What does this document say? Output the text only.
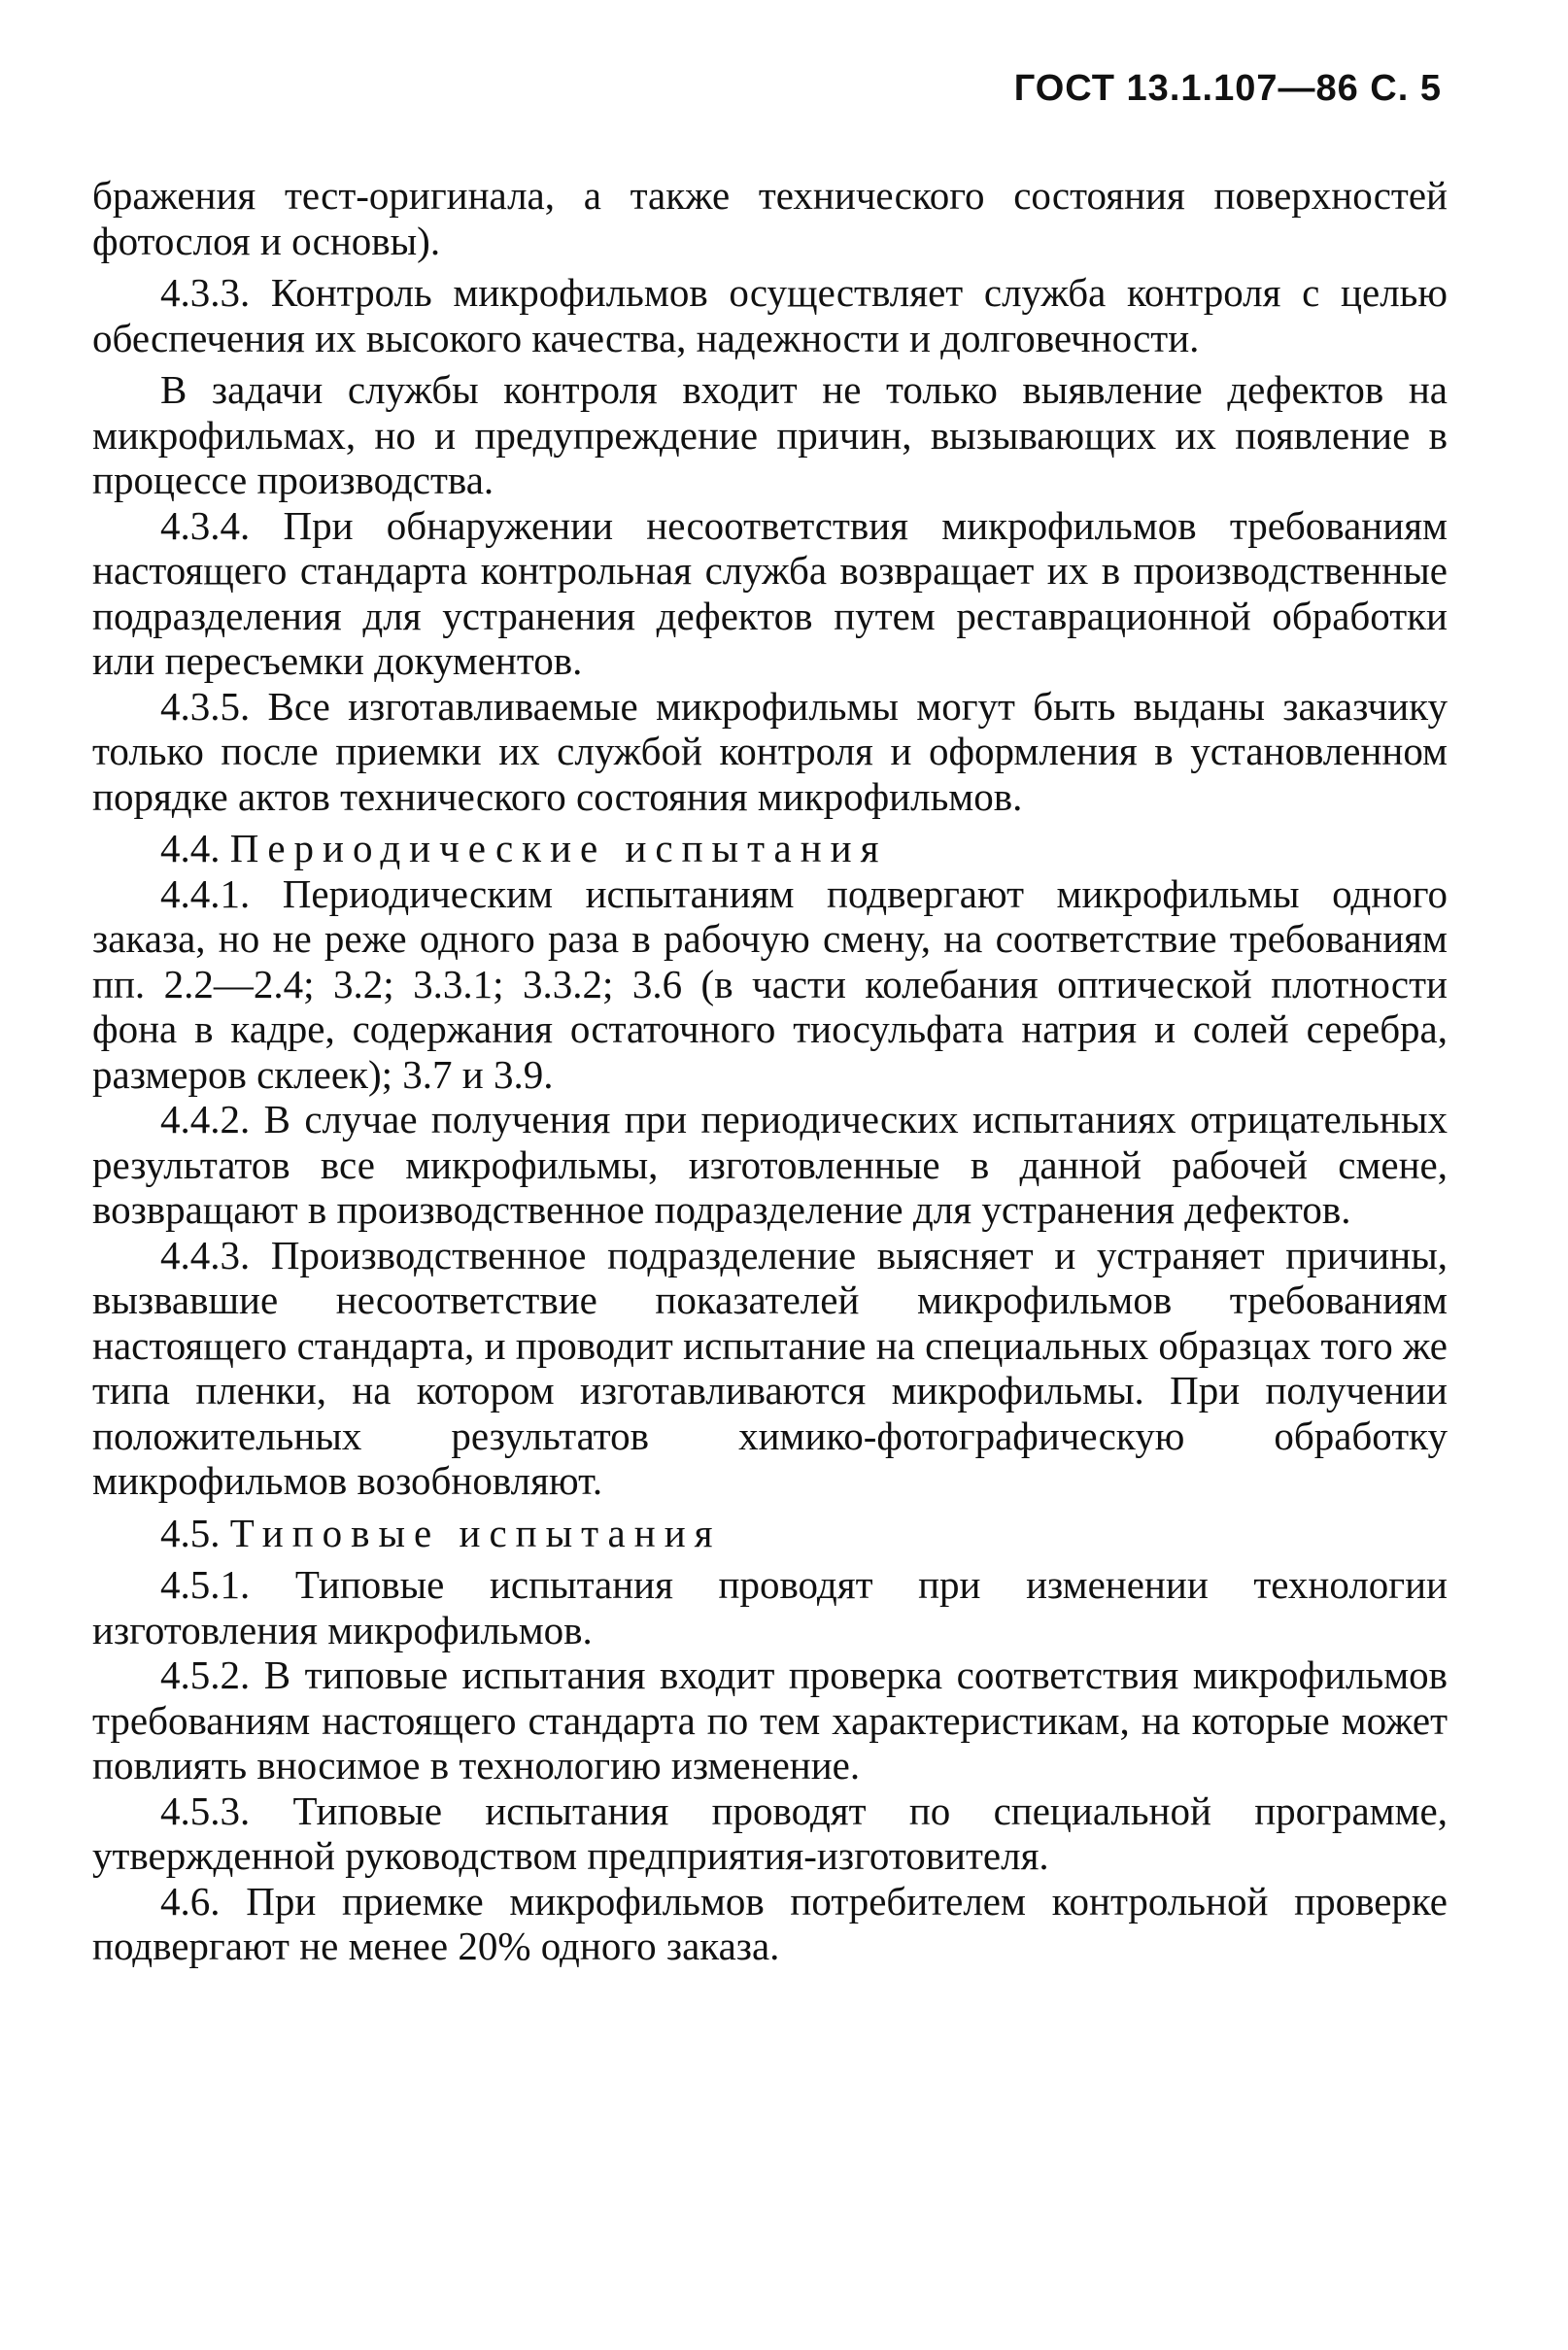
ГОСТ 13.1.107—86 С. 5

бражения тест-оригинала, а также технического состояния поверхностей фотослоя и основы).

4.3.3. Контроль микрофильмов осуществляет служба контроля с целью обеспечения их высокого качества, надежности и долговечности.

В задачи службы контроля входит не только выявление дефектов на микрофильмах, но и предупреждение причин, вызывающих их появление в процессе производства.

4.3.4. При обнаружении несоответствия микрофильмов требованиям настоящего стандарта контрольная служба возвращает их в производственные подразделения для устранения дефектов путем реставрационной обработки или пересъемки документов.

4.3.5. Все изготавливаемые микрофильмы могут быть выданы заказчику только после приемки их службой контроля и оформления в установленном порядке актов технического состояния микрофильмов.

4.4. Периодические испытания

4.4.1. Периодическим испытаниям подвергают микрофильмы одного заказа, но не реже одного раза в рабочую смену, на соответствие требованиям пп. 2.2—2.4; 3.2; 3.3.1; 3.3.2; 3.6 (в части колебания оптической плотности фона в кадре, содержания остаточного тиосульфата натрия и солей серебра, размеров склеек); 3.7 и 3.9.

4.4.2. В случае получения при периодических испытаниях отрицательных результатов все микрофильмы, изготовленные в данной рабочей смене, возвращают в производственное подразделение для устранения дефектов.

4.4.3. Производственное подразделение выясняет и устраняет причины, вызвавшие несоответствие показателей микрофильмов требованиям настоящего стандарта, и проводит испытание на специальных образцах того же типа пленки, на котором изготавливаются микрофильмы. При получении положительных результатов химико-фотографическую обработку микрофильмов возобновляют.

4.5. Типовые испытания

4.5.1. Типовые испытания проводят при изменении технологии изготовления микрофильмов.

4.5.2. В типовые испытания входит проверка соответствия микрофильмов требованиям настоящего стандарта по тем характеристикам, на которые может повлиять вносимое в технологию изменение.

4.5.3. Типовые испытания проводят по специальной программе, утвержденной руководством предприятия-изготовителя.

4.6. При приемке микрофильмов потребителем контрольной проверке подвергают не менее 20% одного заказа.
